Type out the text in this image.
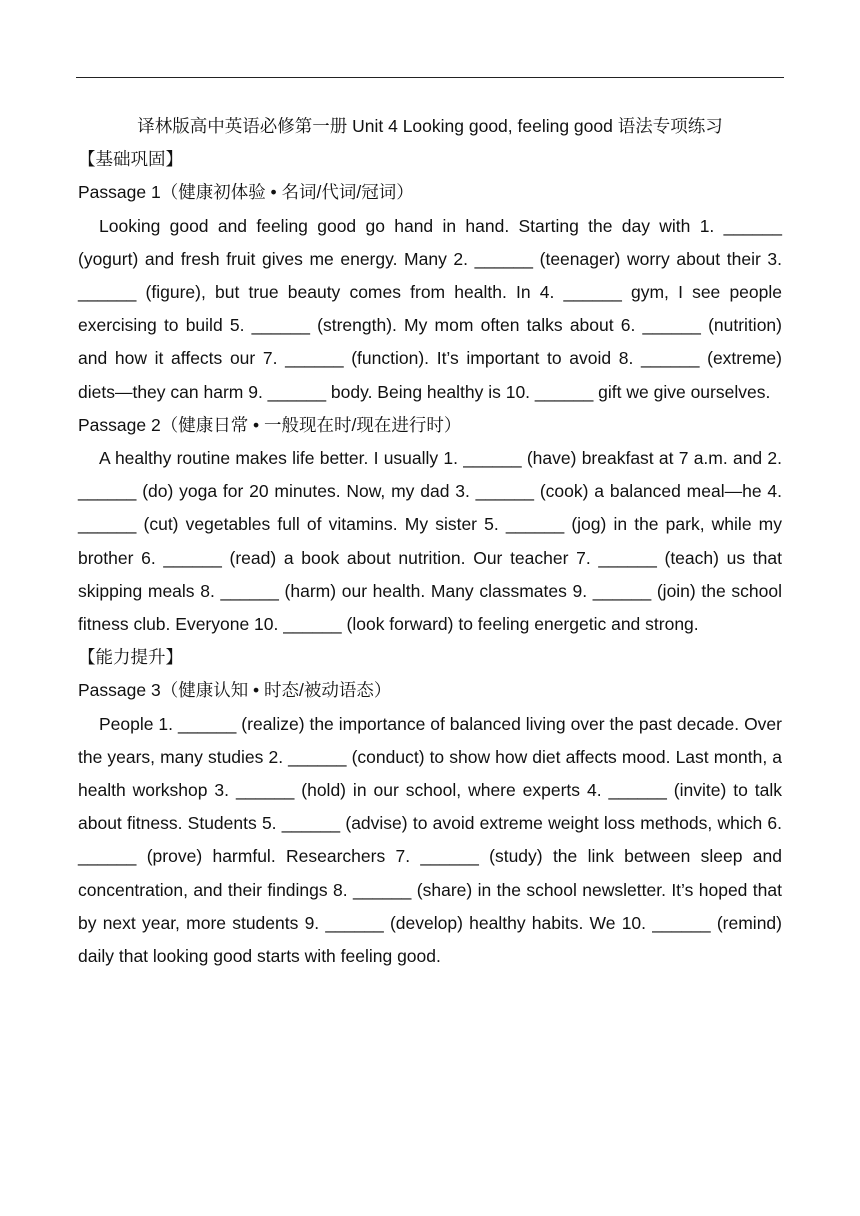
译林版高中英语必修第一册 Unit 4 Looking good, feeling good 语法专项练习

【基础巩固】

Passage 1（健康初体验 • 名词/代词/冠词）

Looking good and feeling good go hand in hand. Starting the day with 1. ______ (yogurt) and fresh fruit gives me energy. Many 2. ______ (teenager) worry about their 3. ______ (figure), but true beauty comes from health. In 4. ______ gym, I see people exercising to build 5. ______ (strength). My mom often talks about 6. ______ (nutrition) and how it affects our 7. ______ (function). It’s important to avoid 8. ______ (extreme) diets—they can harm 9. ______ body. Being healthy is 10. ______ gift we give ourselves.

Passage 2（健康日常 • 一般现在时/现在进行时）

A healthy routine makes life better. I usually 1. ______ (have) breakfast at 7 a.m. and 2. ______ (do) yoga for 20 minutes. Now, my dad 3. ______ (cook) a balanced meal—he 4. ______ (cut) vegetables full of vitamins. My sister 5. ______ (jog) in the park, while my brother 6. ______ (read) a book about nutrition. Our teacher 7. ______ (teach) us that skipping meals 8. ______ (harm) our health. Many classmates 9. ______ (join) the school fitness club. Everyone 10. ______ (look forward) to feeling energetic and strong.

【能力提升】

Passage 3（健康认知 • 时态/被动语态）

People 1. ______ (realize) the importance of balanced living over the past decade. Over the years, many studies 2. ______ (conduct) to show how diet affects mood. Last month, a health workshop 3. ______ (hold) in our school, where experts 4. ______ (invite) to talk about fitness. Students 5. ______ (advise) to avoid extreme weight loss methods, which 6. ______ (prove) harmful. Researchers 7. ______ (study) the link between sleep and concentration, and their findings 8. ______ (share) in the school newsletter. It’s hoped that by next year, more students 9. ______ (develop) healthy habits. We 10. ______ (remind) daily that looking good starts with feeling good.
